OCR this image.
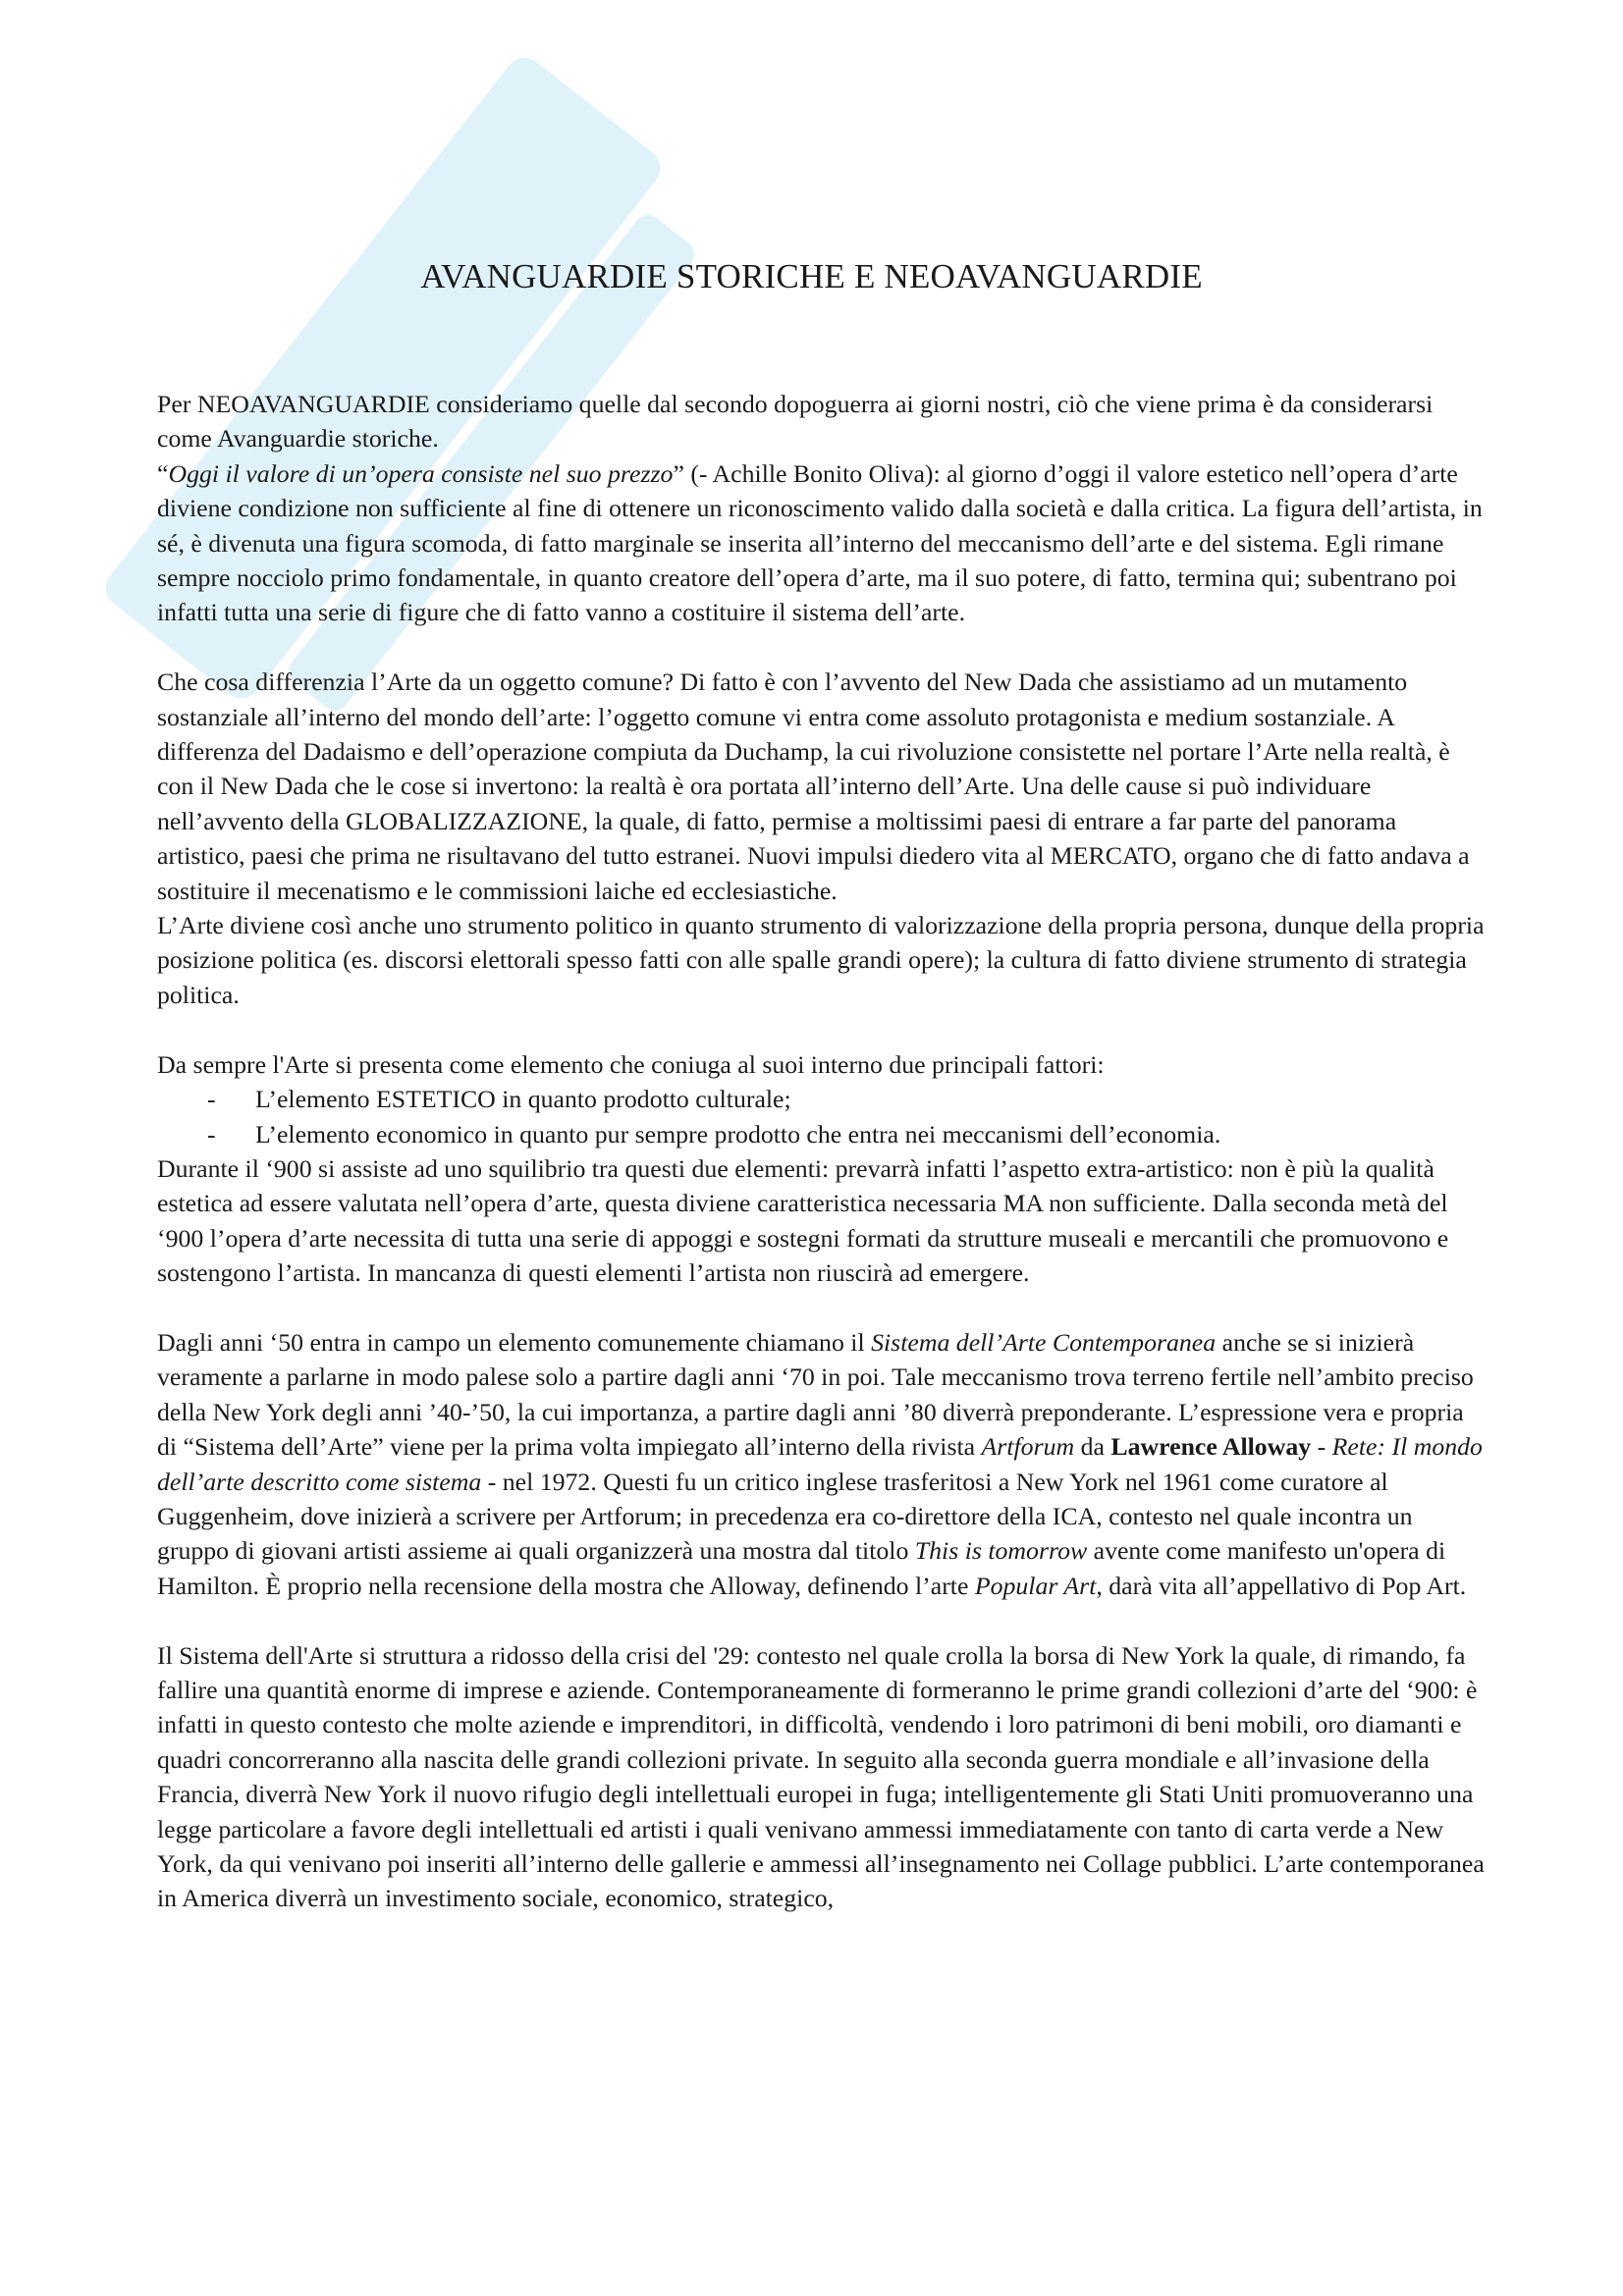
AVANGUARDIE STORICHE E NEOAVANGUARDIE

Per NEOAVANGUARDIE consideriamo quelle dal secondo dopoguerra ai giorni nostri, ciò che viene prima è da considerarsi come Avanguardie storiche.

“Oggi il valore di un’opera consiste nel suo prezzo” (- Achille Bonito Oliva): al giorno d’oggi il valore estetico nell’opera d’arte diviene condizione non sufficiente al fine di ottenere un riconoscimento valido dalla società e dalla critica. La figura dell’artista, in sé, è divenuta una figura scomoda, di fatto marginale se inserita all’interno del meccanismo dell’arte e del sistema. Egli rimane sempre nocciolo primo fondamentale, in quanto creatore dell’opera d’arte, ma il suo potere, di fatto, termina qui; subentrano poi infatti tutta una serie di figure che di fatto vanno a costituire il sistema dell’arte.

Che cosa differenzia l’Arte da un oggetto comune? Di fatto è con l’avvento del New Dada che assistiamo ad un mutamento sostanziale all’interno del mondo dell’arte: l’oggetto comune vi entra come assoluto protagonista e medium sostanziale. A differenza del Dadaismo e dell’operazione compiuta da Duchamp, la cui rivoluzione consistette nel portare l’Arte nella realtà, è con il New Dada che le cose si invertono: la realtà è ora portata all’interno dell’Arte. Una delle cause si può individuare nell’avvento della GLOBALIZZAZIONE, la quale, di fatto, permise a moltissimi paesi di entrare a far parte del panorama artistico, paesi che prima ne risultavano del tutto estranei. Nuovi impulsi diedero vita al MERCATO, organo che di fatto andava a sostituire il mecenatismo e le commissioni laiche ed ecclesiastiche.

L’Arte diviene così anche uno strumento politico in quanto strumento di valorizzazione della propria persona, dunque della propria posizione politica (es. discorsi elettorali spesso fatti con alle spalle grandi opere); la cultura di fatto diviene strumento di strategia politica.

Da sempre l'Arte si presenta come elemento che coniuga al suoi interno due principali fattori:

- L’elemento ESTETICO in quanto prodotto culturale;
- L’elemento economico in quanto pur sempre prodotto che entra nei meccanismi dell’economia.

Durante il ‘900 si assiste ad uno squilibrio tra questi due elementi: prevarrà infatti l’aspetto extra-artistico: non è più la qualità estetica ad essere valutata nell’opera d’arte, questa diviene caratteristica necessaria MA non sufficiente. Dalla seconda metà del ‘900 l’opera d’arte necessita di tutta una serie di appoggi e sostegni formati da strutture museali e mercantili che promuovono e sostengono l’artista. In mancanza di questi elementi l’artista non riuscirà ad emergere.

Dagli anni ‘50 entra in campo un elemento comunemente chiamano il Sistema dell’Arte Contemporanea anche se si inizierà veramente a parlarne in modo palese solo a partire dagli anni ‘70 in poi. Tale meccanismo trova terreno fertile nell’ambito preciso della New York degli anni ’40-’50, la cui importanza, a partire dagli anni ’80 diverrà preponderante. L’espressione vera e propria di “Sistema dell’Arte” viene per la prima volta impiegato all’interno della rivista Artforum da Lawrence Alloway - Rete: Il mondo dell’arte descritto come sistema - nel 1972. Questi fu un critico inglese trasferitosi a New York nel 1961 come curatore al Guggenheim, dove inizierà a scrivere per Artforum; in precedenza era co-direttore della ICA, contesto nel quale incontra un gruppo di giovani artisti assieme ai quali organizzerà una mostra dal titolo This is tomorrow avente come manifesto un'opera di Hamilton. È proprio nella recensione della mostra che Alloway, definendo l’arte Popular Art, darà vita all’appellativo di Pop Art.

Il Sistema dell'Arte si struttura a ridosso della crisi del '29: contesto nel quale crolla la borsa di New York la quale, di rimando, fa fallire una quantità enorme di imprese e aziende. Contemporaneamente di formeranno le prime grandi collezioni d’arte del ‘900: è infatti in questo contesto che molte aziende e imprenditori, in difficoltà, vendendo i loro patrimoni di beni mobili, oro diamanti e quadri concorreranno alla nascita delle grandi collezioni private. In seguito alla seconda guerra mondiale e all’invasione della Francia, diverrà New York il nuovo rifugio degli intellettuali europei in fuga; intelligentemente gli Stati Uniti promuoveranno una legge particolare a favore degli intellettuali ed artisti i quali venivano ammessi immediatamente con tanto di carta verde a New York, da qui venivano poi inseriti all’interno delle gallerie e ammessi all’insegnamento nei Collage pubblici. L’arte contemporanea in America diverrà un investimento sociale, economico, strategico,
